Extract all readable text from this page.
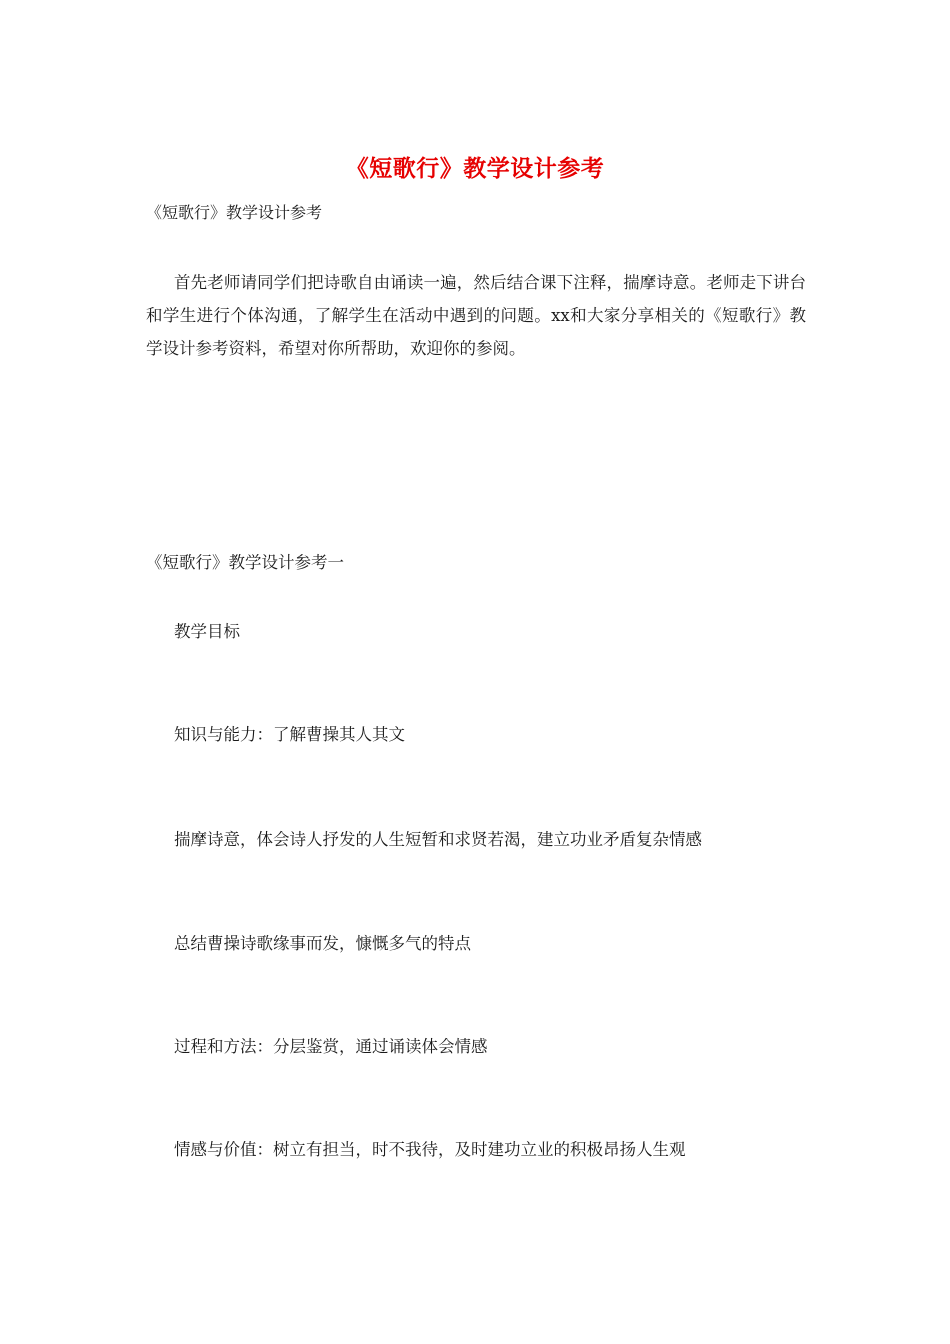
《短歌行》教学设计参考

《短歌行》教学设计参考

首先老师请同学们把诗歌自由诵读一遍，然后结合课下注释，揣摩诗意。老师走下讲台和学生进行个体沟通，了解学生在活动中遇到的问题。xx和大家分享相关的《短歌行》教学设计参考资料，希望对你所帮助，欢迎你的参阅。

《短歌行》教学设计参考一

教学目标

知识与能力：了解曹操其人其文

揣摩诗意，体会诗人抒发的人生短暂和求贤若渴，建立功业矛盾复杂情感

总结曹操诗歌缘事而发，慷慨多气的特点

过程和方法：分层鉴赏，通过诵读体会情感

情感与价值：树立有担当，时不我待，及时建功立业的积极昂扬人生观
